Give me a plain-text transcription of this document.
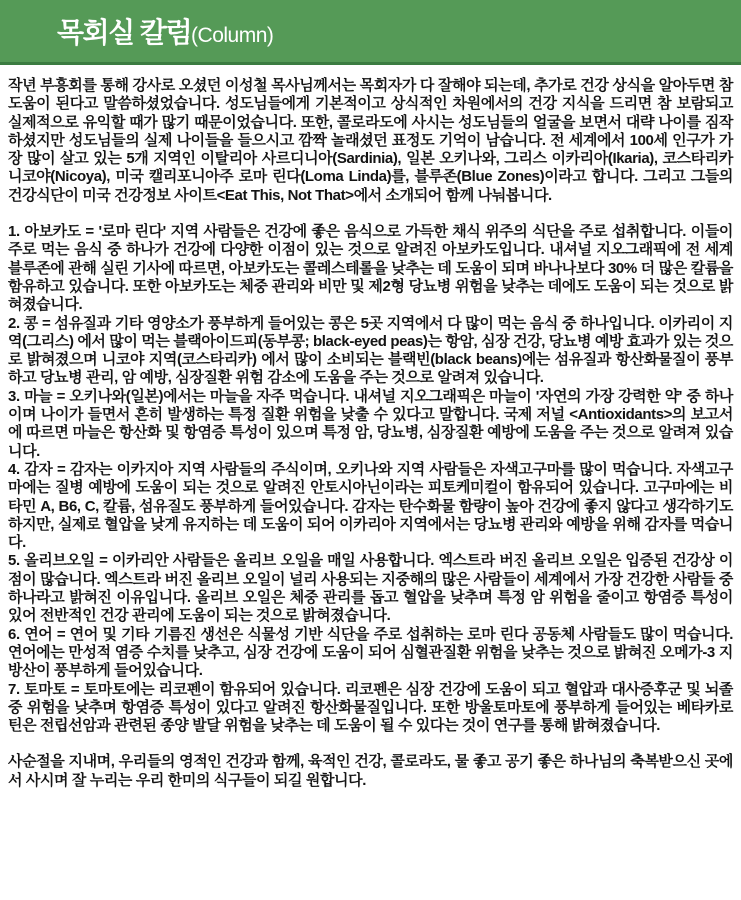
목회실 칼럼 (Column)

작년 부흥회를 통해 강사로 오셨던 이성철 목사님께서는 목회자가 다 잘해야 되는데, 추가로 건강 상식을 알아두면 참 도움이 된다고 말씀하셨었습니다. 성도님들에게 기본적이고 상식적인 차원에서의 건강 지식을 드리면 참 보람되고 실제적으로 유익할 때가 많기 때문이었습니다. 또한, 콜로라도에 사시는 성도님들의 얼굴을 보면서 대략 나이를 짐작하셨지만 성도님들의 실제 나이들을 들으시고 깜짝 놀래셨던 표정도 기억이 남습니다. 전 세계에서 100세 인구가 가장 많이 살고 있는 5개 지역인 이탈리아 사르디니아(Sardinia), 일본 오키나와, 그리스 이카리아(Ikaria), 코스타리카 니코야(Nicoya), 미국 캘리포니아주 로마 린다(Loma Linda)를, 블루존(Blue Zones)이라고 합니다. 그리고 그들의 건강식단이 미국 건강정보 사이트<Eat This, Not That>에서 소개되어 함께 나눠봅니다.

1. 아보카도 = '로마 린다' 지역 사람들은 건강에 좋은 음식으로 가득한 채식 위주의 식단을 주로 섭취합니다. 이들이 주로 먹는 음식 중 하나가 건강에 다양한 이점이 있는 것으로 알려진 아보카도입니다. 내셔널 지오그래픽에 전 세계 블루존에 관해 실린 기사에 따르면, 아보카도는 콜레스테롤을 낮추는 데 도움이 되며 바나나보다 30% 더 많은 칼륨을 함유하고 있습니다. 또한 아보카도는 체중 관리와 비만 및 제2형 당뇨병 위험을 낮추는 데에도 도움이 되는 것으로 밝혀졌습니다.

2. 콩 = 섬유질과 기타 영양소가 풍부하게 들어있는 콩은 5곳 지역에서 다 많이 먹는 음식 중 하나입니다. 이카리이 지역(그리스) 에서 많이 먹는 블랙아이드피(동부콩; black-eyed peas)는 항암, 심장 건강, 당뇨병 예방 효과가 있는 것으로 밝혀졌으며 니코야 지역(코스타리카) 에서 많이 소비되는 블랙빈(black beans)에는 섬유질과 항산화물질이 풍부하고 당뇨병 관리, 암 예방, 심장질환 위험 감소에 도움을 주는 것으로 알려져 있습니다.

3. 마늘 = 오키나와(일본)에서는 마늘을 자주 먹습니다. 내셔널 지오그래픽은 마늘이 '자연의 가장 강력한 약' 중 하나이며 나이가 들면서 흔히 발생하는 특정 질환 위험을 낮출 수 있다고 말합니다. 국제 저널 <Antioxidants>의 보고서에 따르면 마늘은 항산화 및 항염증 특성이 있으며 특정 암, 당뇨병, 심장질환 예방에 도움을 주는 것으로 알려져 있습니다.

4. 감자 = 감자는 이카지아 지역 사람들의 주식이며, 오키나와 지역 사람들은 자색고구마를 많이 먹습니다. 자색고구마에는 질병 예방에 도움이 되는 것으로 알려진 안토시아닌이라는 피토케미컬이 함유되어 있습니다. 고구마에는 비타민 A, B6, C, 칼륨, 섬유질도 풍부하게 들어있습니다. 감자는 탄수화물 함량이 높아 건강에 좋지 않다고 생각하기도 하지만, 실제로 혈압을 낮게 유지하는 데 도움이 되어 이카리아 지역에서는 당뇨병 관리와 예방을 위해 감자를 먹습니다.

5. 올리브오일 = 이카리안 사람들은 올리브 오일을 매일 사용합니다. 엑스트라 버진 올리브 오일은 입증된 건강상 이점이 많습니다. 엑스트라 버진 올리브 오일이 널리 사용되는 지중해의 많은 사람들이 세계에서 가장 건강한 사람들 중 하나라고 밝혀진 이유입니다. 올리브 오일은 체중 관리를 돕고 혈압을 낮추며 특정 암 위험을 줄이고 항염증 특성이 있어 전반적인 건강 관리에 도움이 되는 것으로 밝혀졌습니다.

6. 연어 = 연어 및 기타 기름진 생선은 식물성 기반 식단을 주로 섭취하는 로마 린다 공동체 사람들도 많이 먹습니다. 연어에는 만성적 염증 수치를 낮추고, 심장 건강에 도움이 되어 심혈관질환 위험을 낮추는 것으로 밝혀진 오메가-3 지방산이 풍부하게 들어있습니다.

7. 토마토 = 토마토에는 리코펜이 함유되어 있습니다. 리코펜은 심장 건강에 도움이 되고 혈압과 대사증후군 및 뇌졸중 위험을 낮추며 항염증 특성이 있다고 알려진 항산화물질입니다. 또한 방울토마토에 풍부하게 들어있는 베타카로틴은 전립선암과 관련된 종양 발달 위험을 낮추는 데 도움이 될 수 있다는 것이 연구를 통해 밝혀졌습니다.

사순절을 지내며, 우리들의 영적인 건강과 함께, 육적인 건강, 콜로라도, 물 좋고 공기 좋은 하나님의 축복받으신 곳에서 사시며 잘 누리는 우리 한미의 식구들이 되길 원합니다.
